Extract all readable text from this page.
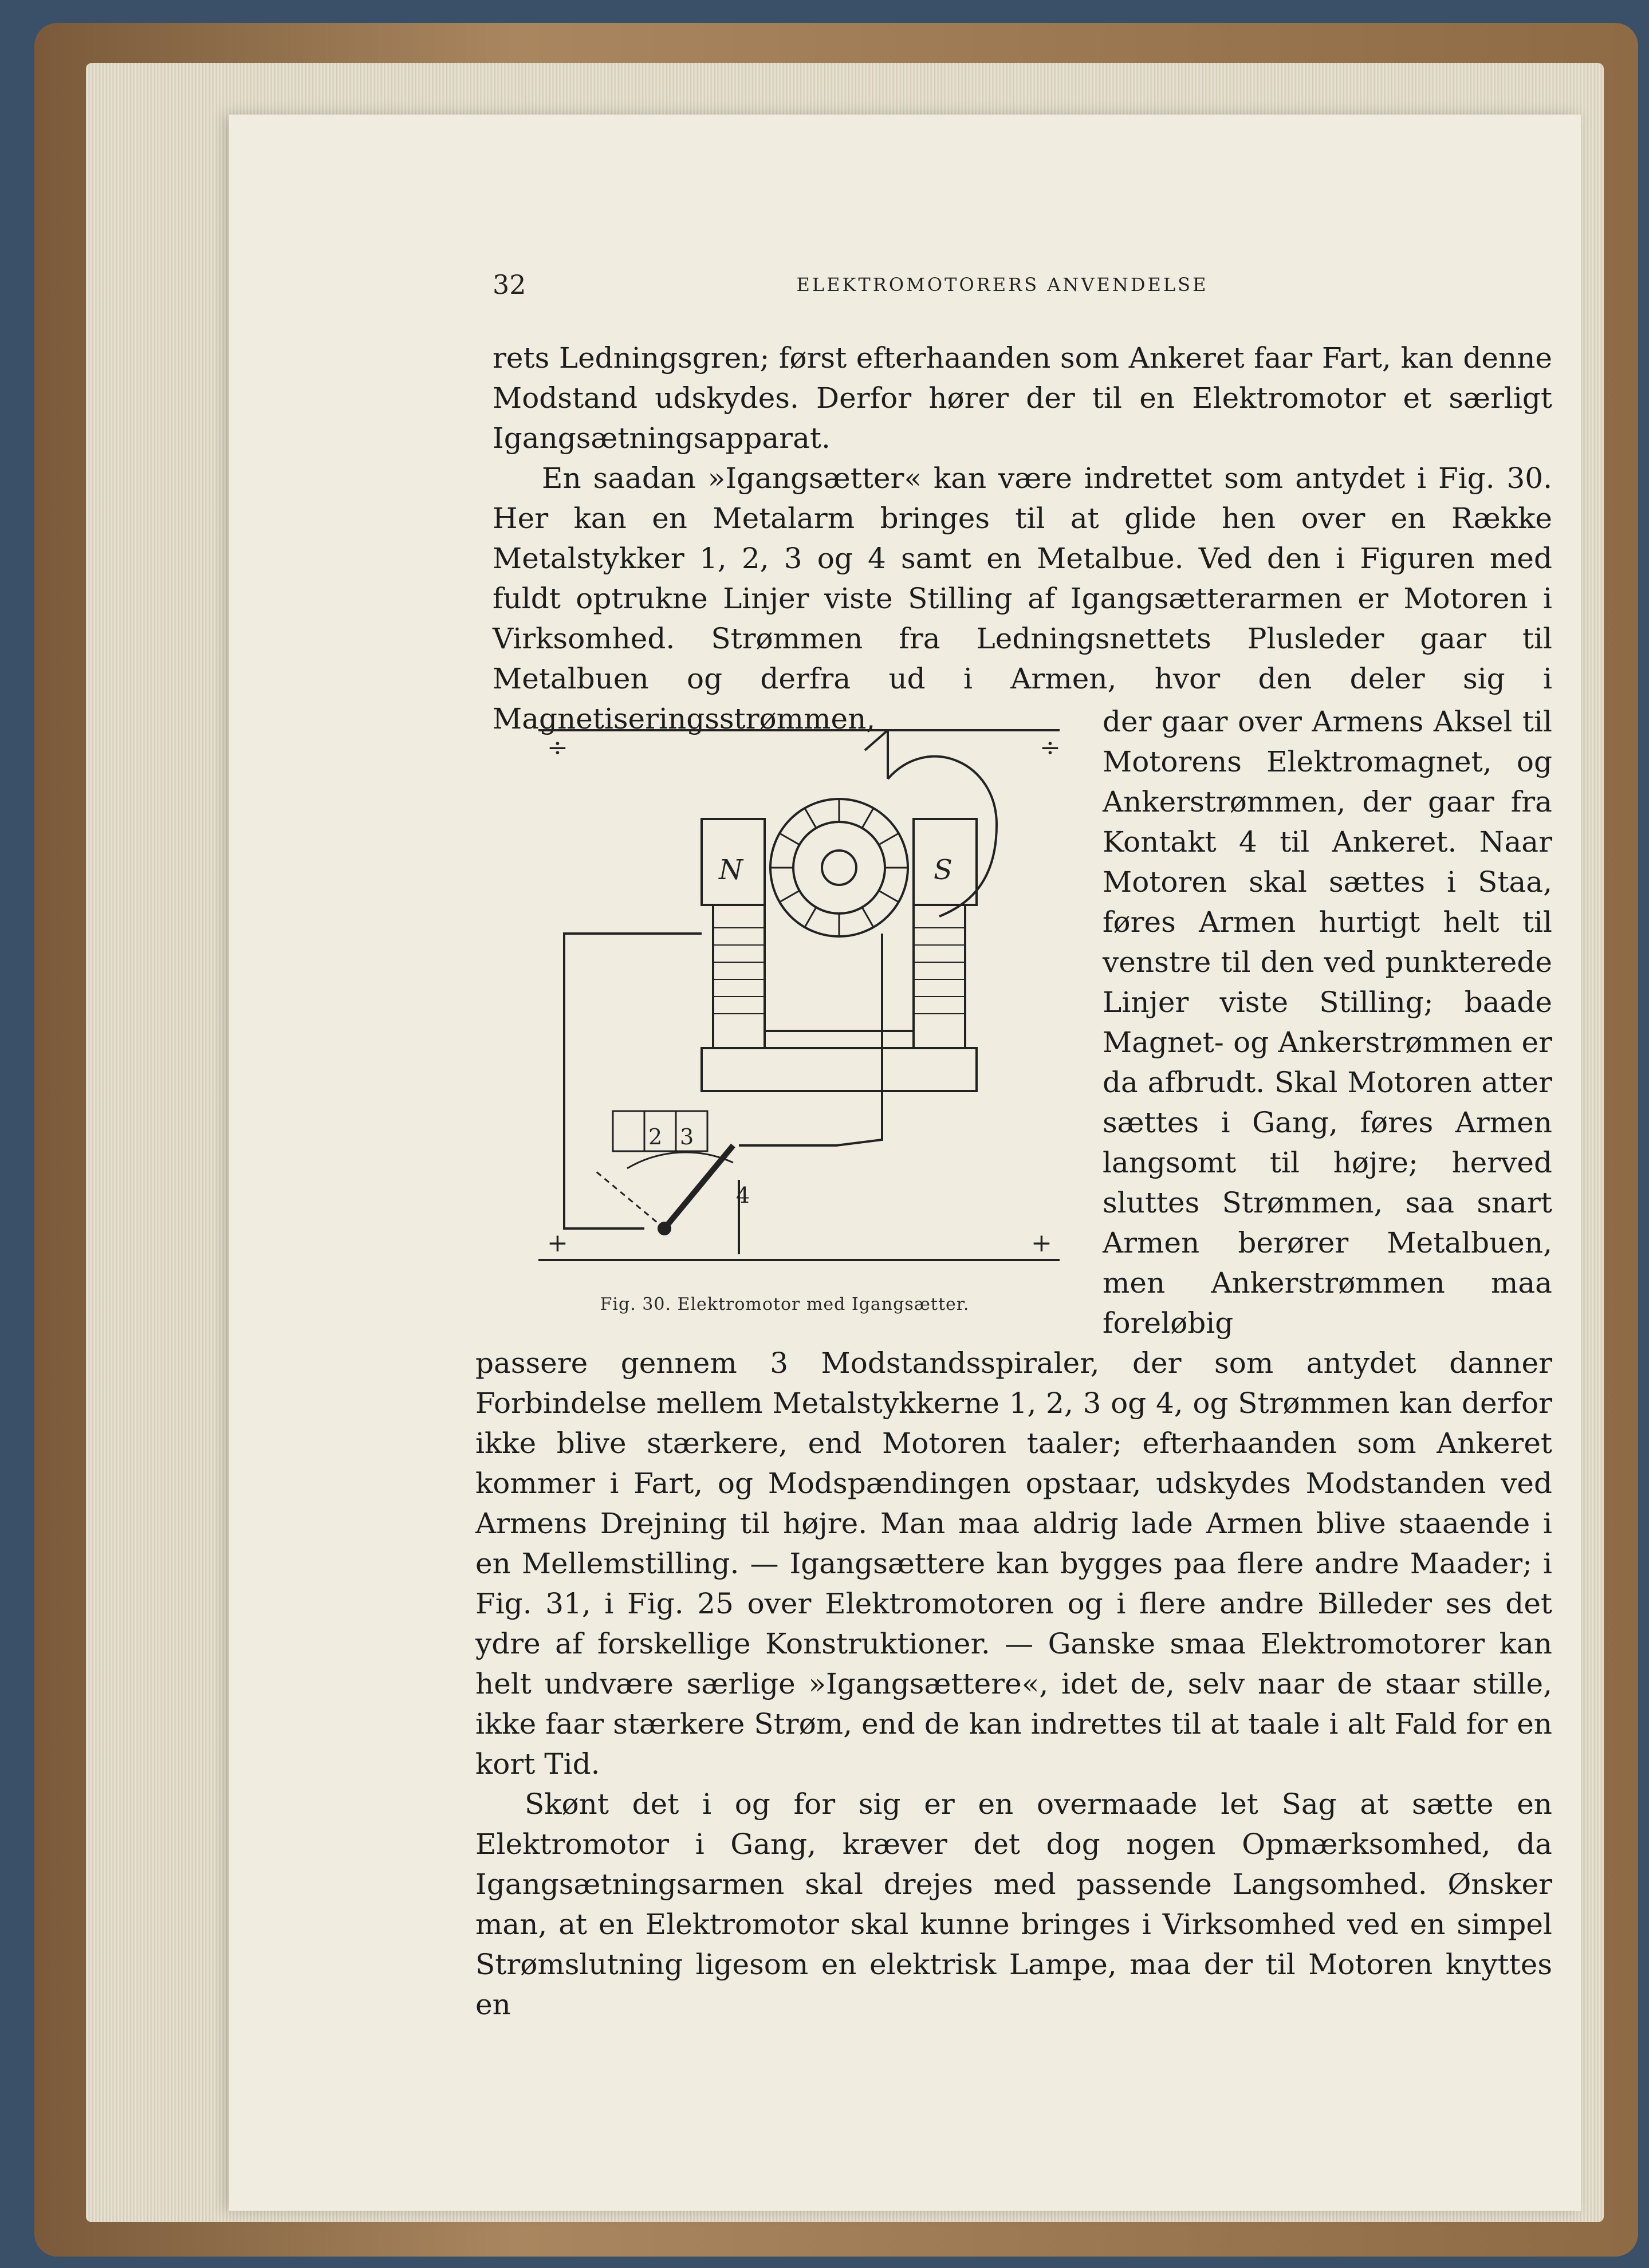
32	ELEKTROMOTORERS ANVENDELSE

rets Ledningsgren; først efterhaanden som Ankeret faar Fart, kan denne Modstand udskydes. Derfor hører der til en Elektromotor et særligt Igangsætningsapparat.

En saadan »Igangsætter« kan være indrettet som antydet i Fig. 30. Her kan en Metalarm bringes til at glide hen over en Række Metalstykker 1, 2, 3 og 4 samt en Metalbue. Ved den i Figuren med fuldt optrukne Linjer viste Stilling af Igangsætterarmen er Motoren i Virksomhed. Strømmen fra Ledningsnettets Plusleder gaar til Metalbuen og derfra ud i Armen, hvor den deler sig i Magnetiseringsstrømmen,

÷	÷
N	S
+	+
2 3
4
Fig. 30. Elektromotor med Igangsætter.

der gaar over Armens Aksel til Motorens Elektromagnet, og Ankerstrømmen, der gaar fra Kontakt 4 til Ankeret. Naar Motoren skal sættes i Staa, føres Armen hurtigt helt til venstre til den ved punkterede Linjer viste Stilling; baade Magnet- og Ankerstrømmen er da afbrudt. Skal Motoren atter sættes i Gang, føres Armen langsomt til højre; herved sluttes Strømmen, saa snart Armen berører Metalbuen, men Ankerstrømmen maa foreløbig

passere gennem 3 Modstandsspiraler, der som antydet danner Forbindelse mellem Metalstykkerne 1, 2, 3 og 4, og Strømmen kan derfor ikke blive stærkere, end Motoren taaler; efterhaanden som Ankeret kommer i Fart, og Modspændingen opstaar, udskydes Modstanden ved Armens Drejning til højre. Man maa aldrig lade Armen blive staaende i en Mellemstilling. — Igangsættere kan bygges paa flere andre Maader; i Fig. 31, i Fig. 25 over Elektromotoren og i flere andre Billeder ses det ydre af forskellige Konstruktioner. — Ganske smaa Elektromotorer kan helt undvære særlige »Igangsættere«, idet de, selv naar de staar stille, ikke faar stærkere Strøm, end de kan indrettes til at taale i alt Fald for en kort Tid.

Skønt det i og for sig er en overmaade let Sag at sætte en Elektromotor i Gang, kræver det dog nogen Opmærksomhed, da Igangsætningsarmen skal drejes med passende Langsomhed. Ønsker man, at en Elektromotor skal kunne bringes i Virksomhed ved en simpel Strømslutning ligesom en elektrisk Lampe, maa der til Motoren knyttes en
